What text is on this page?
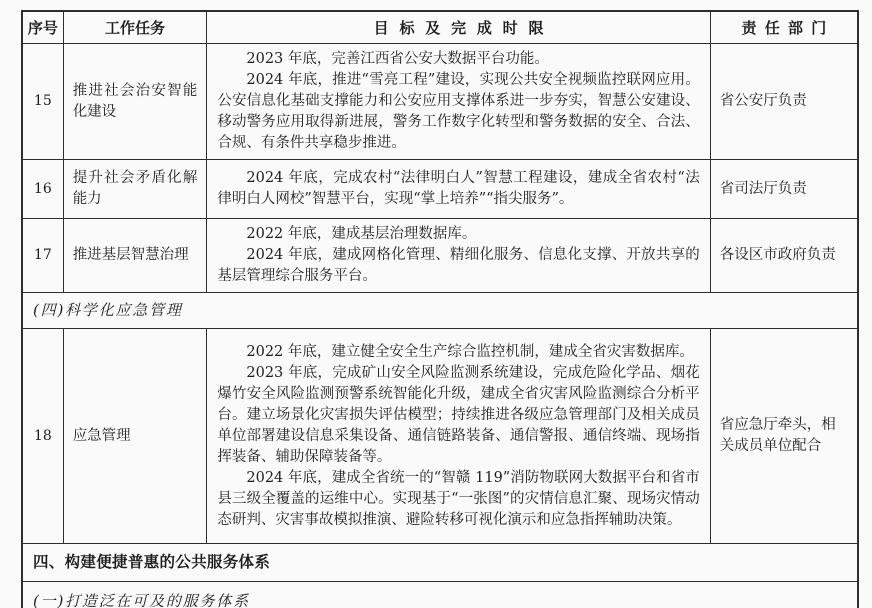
序号	工作任务	目标及完成时限	责任部门
15	推进社会治安智能化建设	2023 年底，完善江西省公安大数据平台功能。

2024 年底，推进“雪亮工程”建设，实现公共安全视频监控联网应用。公安信息化基础支撑能力和公安应用支撑体系进一步夯实，智慧公安建设、移动警务应用取得新进展，警务工作数字化转型和警务数据的安全、合法、合规、有条件共享稳步推进。	省公安厅负责
16	提升社会矛盾化解能力	2024 年底，完成农村“法律明白人”智慧工程建设，建成全省农村“法律明白人网校”智慧平台，实现“掌上培养”“指尖服务”。	省司法厅负责
17	推进基层智慧治理	2022 年底，建成基层治理数据库。

2024 年底，建成网格化管理、精细化服务、信息化支撑、开放共享的基层管理综合服务平台。	各设区市政府负责
(四)科学化应急管理			
18	应急管理	2022 年底，建立健全安全生产综合监控机制，建成全省灾害数据库。

2023 年底，完成矿山安全风险监测系统建设，完成危险化学品、烟花爆竹安全风险监测预警系统智能化升级，建成全省灾害风险监测综合分析平台。建立场景化灾害损失评估模型；持续推进各级应急管理部门及相关成员单位部署建设信息采集设备、通信链路装备、通信警报、通信终端、现场指挥装备、辅助保障装备等。

2024 年底，建成全省统一的“智赣 119”消防物联网大数据平台和省市县三级全覆盖的运维中心。实现基于“一张图”的灾情信息汇聚、现场灾情动态研判、灾害事故模拟推演、避险转移可视化演示和应急指挥辅助决策。	省应急厅牵头，相关成员单位配合
四、构建便捷普惠的公共服务体系			
(一)打造泛在可及的服务体系			
